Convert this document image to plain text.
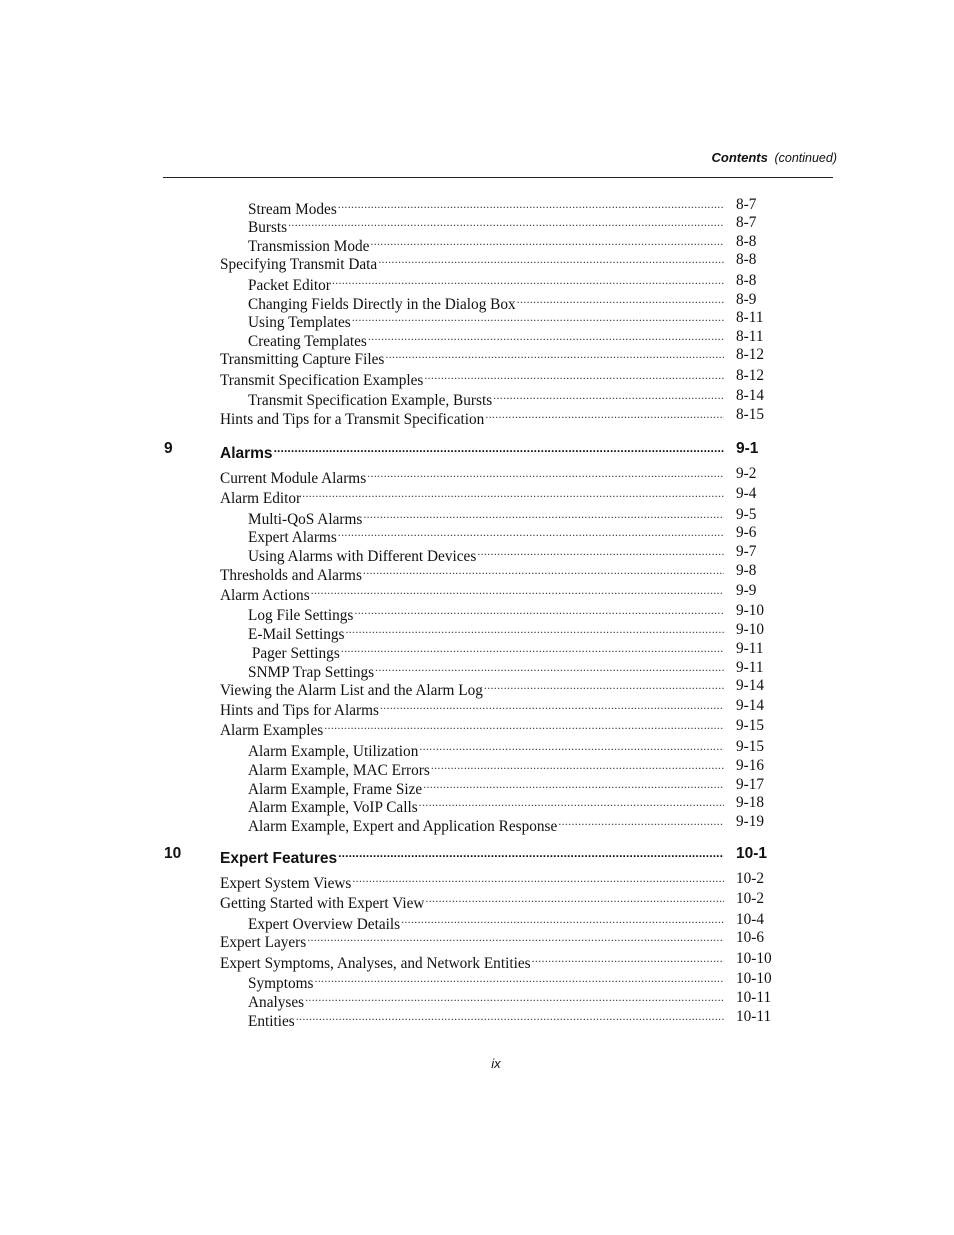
Contents (continued)
Stream Modes . . .	8-7
Bursts . . .	8-7
Transmission Mode . . .	8-8
Specifying Transmit Data . . .	8-8
Packet Editor . . .	8-8
Changing Fields Directly in the Dialog Box . . .	8-9
Using Templates . . .	8-11
Creating Templates . . .	8-11
Transmitting Capture Files . . .	8-12
Transmit Specification Examples . . .	8-12
Transmit Specification Example, Bursts . . .	8-14
Hints and Tips for a Transmit Specification . . .	8-15
9	Alarms . . .	9-1
Current Module Alarms . . .	9-2
Alarm Editor . . .	9-4
Multi-QoS Alarms . . .	9-5
Expert Alarms . . .	9-6
Using Alarms with Different Devices . . .	9-7
Thresholds and Alarms . . .	9-8
Alarm Actions . . .	9-9
Log File Settings . . .	9-10
E-Mail Settings . . .	9-10
Pager Settings . . .	9-11
SNMP Trap Settings . . .	9-11
Viewing the Alarm List and the Alarm Log . . .	9-14
Hints and Tips for Alarms . . .	9-14
Alarm Examples . . .	9-15
Alarm Example, Utilization . . .	9-15
Alarm Example, MAC Errors . . .	9-16
Alarm Example, Frame Size . . .	9-17
Alarm Example, VoIP Calls . . .	9-18
Alarm Example, Expert and Application Response . . .	9-19
10	Expert Features . . .	10-1
Expert System Views . . .	10-2
Getting Started with Expert View . . .	10-2
Expert Overview Details . . .	10-4
Expert Layers . . .	10-6
Expert Symptoms, Analyses, and Network Entities . . .	10-10
Symptoms . . .	10-10
Analyses . . .	10-11
Entities . . .	10-11
ix
